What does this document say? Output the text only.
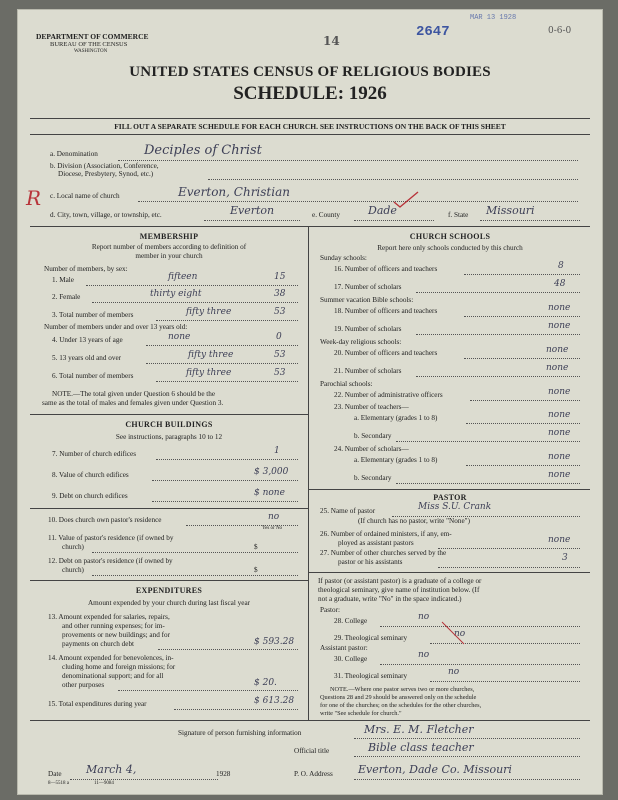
DEPARTMENT OF COMMERCE
BUREAU OF THE CENSUS
WASHINGTON
14
2647
MAR 13 1928
0-6-0
UNITED STATES CENSUS OF RELIGIOUS BODIES
SCHEDULE: 1926
FILL OUT A SEPARATE SCHEDULE FOR EACH CHURCH. SEE INSTRUCTIONS ON THE BACK OF THIS SHEET
R
a. Denomination	Deciples of Christ
b. Division (Association, Conference,
Diocese, Presbytery, Synod, etc.)
c. Local name of church	Everton, Christian
d. City, town, village, or township, etc.	Everton	e. County	Dade	f. State Missouri
MEMBERSHIP
Report number of members according to definition of
member in your church
Number of members, by sex:
1. Male	fifteen	15
2. Female	thirty eight	38
3. Total number of members	fifty three	53
Number of members under and over 13 years old:
4. Under 13 years of age	none	0
5. 13 years old and over	fifty three	53
6. Total number of members	fifty three	53
NOTE.—The total given under Question 6 should be the
same as the total of males and females given under Question 3.
CHURCH BUILDINGS
See instructions, paragraphs 10 to 12
7. Number of church edifices	1
8. Value of church edifices	$ 3,000
9. Debt on church edifices	$ none
10. Does church own pastor's residence	no
Yes or No
11. Value of pastor's residence (if owned by
church)	$
12. Debt on pastor's residence (if owned by
church)	$
EXPENDITURES
Amount expended by your church during last fiscal year
13. Amount expended for salaries, repairs,
and other running expenses; for im-
provements or new buildings; and for
payments on church debt	$ 593.28
14. Amount expended for benevolences, in-
cluding home and foreign missions; for
denominational support; and for all
other purposes	$ 20.
15. Total expenditures during year	$ 613.28
CHURCH SCHOOLS
Report here only schools conducted by this church
Sunday schools:
16. Number of officers and teachers	8
17. Number of scholars	48
Summer vacation Bible schools:
18. Number of officers and teachers	none
19. Number of scholars	none
Week-day religious schools:
20. Number of officers and teachers	none
21. Number of scholars	none
Parochial schools:
22. Number of administrative officers	none
23. Number of teachers—
a. Elementary (grades 1 to 8)	none
b. Secondary	none
24. Number of scholars—
a. Elementary (grades 1 to 8)	none
b. Secondary	none
PASTOR
25. Name of pastor	Miss S.U. Crank
(If church has no pastor, write "None")
26. Number of ordained ministers, if any, em-
ployed as assistant pastors	none
27. Number of other churches served by the
pastor or his assistants	3
If pastor (or assistant pastor) is a graduate of a college or
theological seminary, give name of institution below. (If
not a graduate, write "No" in the space indicated.)
Pastor:
28. College	no
29. Theological seminary	no
Assistant pastor:
30. College	no
31. Theological seminary	no
NOTE.—Where one pastor serves two or more churches,
Questions 28 and 29 should be answered only on the schedule
for one of the churches; on the schedules for the other churches,
write "See schedule for church."
Signature of person furnishing information	Mrs. E. M. Fletcher
Official title	Bible class teacher
Date March 4,	1928	P. O. Address Everton, Dade Co. Missouri
8—5518 a	11—9084
